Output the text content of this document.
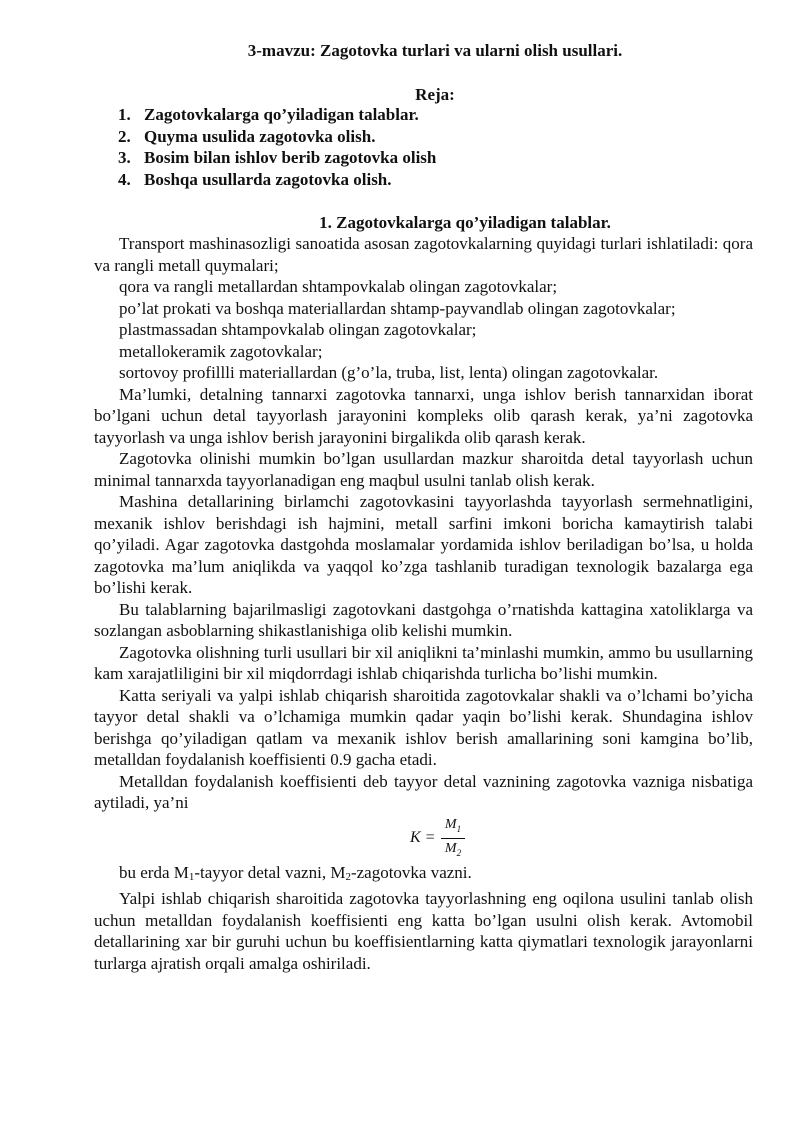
3-mavzu: Zagotovka turlari va ularni olish usullari.
Reja:
1. Zagotovkalarga qo’yiladigan talablar.
2. Quyma usulida zagotovka olish.
3. Bosim bilan ishlov berib zagotovka olish
4. Boshqa usullarda zagotovka olish.
1. Zagotovkalarga qo’yiladigan talablar.

Transport mashinasozligi sanoatida asosan zagotovkalarning quyidagi turlari ishlatiladi: qora va rangli metall quymalari;

qora va rangli metallardan shtampovkalab olingan zagotovkalar;

po’lat prokati va boshqa materiallardan shtamp-payvandlab olingan zagotovkalar;

plastmassadan shtampovkalab olingan zagotovkalar;

metallokeramik zagotovkalar;

sortovoy profillli materiallardan (g’o’la, truba, list, lenta) olingan zagotovkalar.

Ma’lumki, detalning tannarxi zagotovka tannarxi, unga ishlov berish tannarxidan iborat bo’lgani uchun detal tayyorlash jarayonini kompleks olib qarash kerak, ya’ni zagotovka tayyorlash va unga ishlov berish jarayonini birgalikda olib qarash kerak.

Zagotovka olinishi mumkin bo’lgan usullardan mazkur sharoitda detal tayyorlash uchun minimal tannarxda tayyorlanadigan eng maqbul usulni tanlab olish kerak.

Mashina detallarining birlamchi zagotovkasini tayyorlashda tayyorlash sermehnatligini, mexanik ishlov berishdagi ish hajmini, metall sarfini imkoni boricha kamaytirish talabi qo’yiladi. Agar zagotovka dastgohda moslamalar yordamida ishlov beriladigan bo’lsa, u holda zagotovka ma’lum aniqlikda va yaqqol ko’zga tashlanib turadigan texnologik bazalarga ega bo’lishi kerak.

Bu talablarning bajarilmasligi zagotovkani dastgohga o’rnatishda kattagina xatoliklarga va sozlangan asboblarning shikastlanishiga olib kelishi mumkin.

Zagotovka olishning turli usullari bir xil aniqlikni ta’minlashi mumkin, ammo bu usullarning kam xarajatliligini bir xil miqdorrdagi ishlab chiqarishda turlicha bo’lishi mumkin.

Katta seriyali va yalpi ishlab chiqarish sharoitida zagotovkalar shakli va o’lchami bo’yicha tayyor detal shakli va o’lchamiga mumkin qadar yaqin bo’lishi kerak. Shundagina ishlov berishga qo’yiladigan qatlam va mexanik ishlov berish amallarining soni kamgina bo’lib, metalldan foydalanish koeffisienti 0.9 gacha etadi.

Metalldan foydalanish koeffisienti deb tayyor detal vaznining zagotovka vazniga nisbatiga aytiladi, ya’ni

K =
$M_1$
$M_2$

bu erda $M_1$-tayyor detal vazni, $M_2$-zagotovka vazni.

Yalpi ishlab chiqarish sharoitida zagotovka tayyorlashning eng oqilona usulini tanlab olish uchun metalldan foydalanish koeffisienti eng katta bo’lgan usulni olish kerak. Avtomobil detallarining xar bir guruhi uchun bu koeffisientlarning katta qiymatlari texnologik jarayonlarni turlarga ajratish orqali amalga oshiriladi.
